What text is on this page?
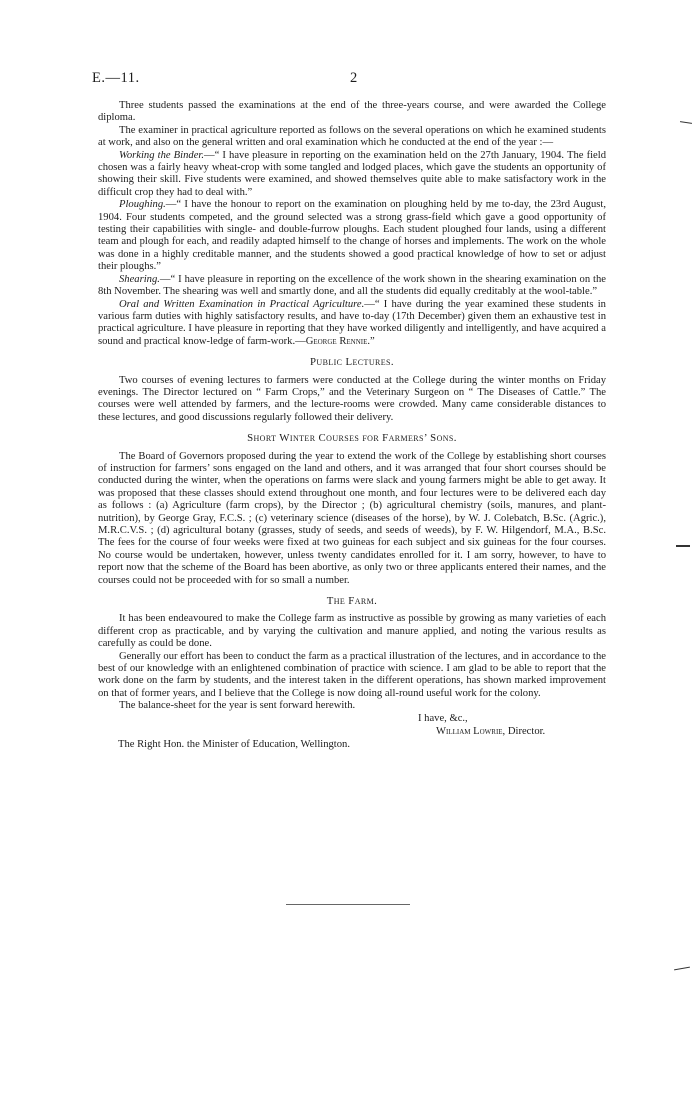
E.—11.	2

Three students passed the examinations at the end of the three-years course, and were awarded the College diploma.

The examiner in practical agriculture reported as follows on the several operations on which he examined students at work, and also on the general written and oral examination which he conducted at the end of the year :—

Working the Binder.—“ I have pleasure in reporting on the examination held on the 27th January, 1904. The field chosen was a fairly heavy wheat-crop with some tangled and lodged places, which gave the students an opportunity of showing their skill. Five students were examined, and showed themselves quite able to make satisfactory work in the difficult crop they had to deal with.”

Ploughing.—“ I have the honour to report on the examination on ploughing held by me to-day, the 23rd August, 1904. Four students competed, and the ground selected was a strong grass-field which gave a good opportunity of testing their capabilities with single- and double-furrow ploughs. Each student ploughed four lands, using a different team and plough for each, and readily adapted himself to the change of horses and implements. The work on the whole was done in a highly creditable manner, and the students showed a good practical knowledge of how to set or adjust their ploughs.”

Shearing.—“ I have pleasure in reporting on the excellence of the work shown in the shearing examination on the 8th November. The shearing was well and smartly done, and all the students did equally creditably at the wool-table.”

Oral and Written Examination in Practical Agriculture.—“ I have during the year examined these students in various farm duties with highly satisfactory results, and have to-day (17th December) given them an exhaustive test in practical agriculture. I have pleasure in reporting that they have worked diligently and intelligently, and have acquired a sound and practical know-ledge of farm-work.—George Rennie.”

Public Lectures.

Two courses of evening lectures to farmers were conducted at the College during the winter months on Friday evenings. The Director lectured on “ Farm Crops,” and the Veterinary Surgeon on “ The Diseases of Cattle.” The courses were well attended by farmers, and the lecture-rooms were crowded. Many came considerable distances to these lectures, and good discussions regularly followed their delivery.

Short Winter Courses for Farmers’ Sons.

The Board of Governors proposed during the year to extend the work of the College by establishing short courses of instruction for farmers’ sons engaged on the land and others, and it was arranged that four short courses should be conducted during the winter, when the operations on farms were slack and young farmers might be able to get away. It was proposed that these classes should extend throughout one month, and four lectures were to be delivered each day as follows : (a) Agriculture (farm crops), by the Director ; (b) agricultural chemistry (soils, manures, and plant-nutrition), by George Gray, F.C.S. ; (c) veterinary science (diseases of the horse), by W. J. Colebatch, B.Sc. (Agric.), M.R.C.V.S. ; (d) agricultural botany (grasses, study of seeds, and seeds of weeds), by F. W. Hilgendorf, M.A., B.Sc. The fees for the course of four weeks were fixed at two guineas for each subject and six guineas for the four courses. No course would be undertaken, however, unless twenty candidates enrolled for it. I am sorry, however, to have to report now that the scheme of the Board has been abortive, as only two or three applicants entered their names, and the courses could not be proceeded with for so small a number.

The Farm.

It has been endeavoured to make the College farm as instructive as possible by growing as many varieties of each different crop as practicable, and by varying the cultivation and manure applied, and noting the various results as carefully as could be done.

Generally our effort has been to conduct the farm as a practical illustration of the lectures, and in accordance to the best of our knowledge with an enlightened combination of practice with science. I am glad to be able to report that the work done on the farm by students, and the interest taken in the different operations, has shown marked improvement on that of former years, and I believe that the College is now doing all-round useful work for the colony.

The balance-sheet for the year is sent forward herewith.

I have, &c.,
William Lowrie, Director.
The Right Hon. the Minister of Education, Wellington.
